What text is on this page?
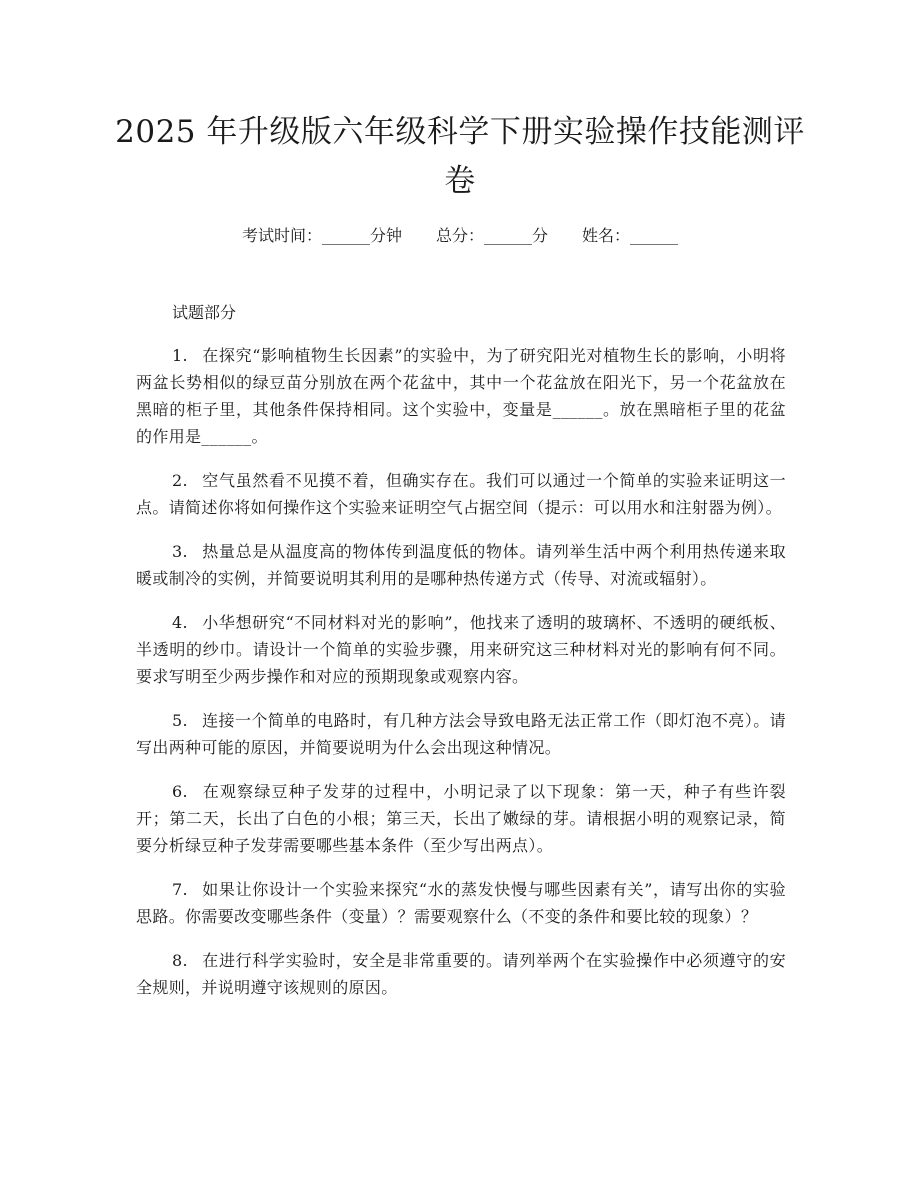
2025 年升级版六年级科学下册实验操作技能测评卷
考试时间：______分钟 总分：______分 姓名：______
试题部分

1. 在探究“影响植物生长因素”的实验中，为了研究阳光对植物生长的影响，小明将两盆长势相似的绿豆苗分别放在两个花盆中，其中一个花盆放在阳光下，另一个花盆放在黑暗的柜子里，其他条件保持相同。这个实验中，变量是______。放在黑暗柜子里的花盆的作用是______。

2. 空气虽然看不见摸不着，但确实存在。我们可以通过一个简单的实验来证明这一点。请简述你将如何操作这个实验来证明空气占据空间（提示：可以用水和注射器为例）。

3. 热量总是从温度高的物体传到温度低的物体。请列举生活中两个利用热传递来取暖或制冷的实例，并简要说明其利用的是哪种热传递方式（传导、对流或辐射）。

4. 小华想研究“不同材料对光的影响”，他找来了透明的玻璃杯、不透明的硬纸板、半透明的纱巾。请设计一个简单的实验步骤，用来研究这三种材料对光的影响有何不同。要求写明至少两步操作和对应的预期现象或观察内容。

5. 连接一个简单的电路时，有几种方法会导致电路无法正常工作（即灯泡不亮）。请写出两种可能的原因，并简要说明为什么会出现这种情况。

6. 在观察绿豆种子发芽的过程中，小明记录了以下现象：第一天，种子有些许裂开；第二天，长出了白色的小根；第三天，长出了嫩绿的芽。请根据小明的观察记录，简要分析绿豆种子发芽需要哪些基本条件（至少写出两点）。

7. 如果让你设计一个实验来探究“水的蒸发快慢与哪些因素有关”，请写出你的实验思路。你需要改变哪些条件（变量）？需要观察什么（不变的条件和要比较的现象）？

8. 在进行科学实验时，安全是非常重要的。请列举两个在实验操作中必须遵守的安全规则，并说明遵守该规则的原因。
